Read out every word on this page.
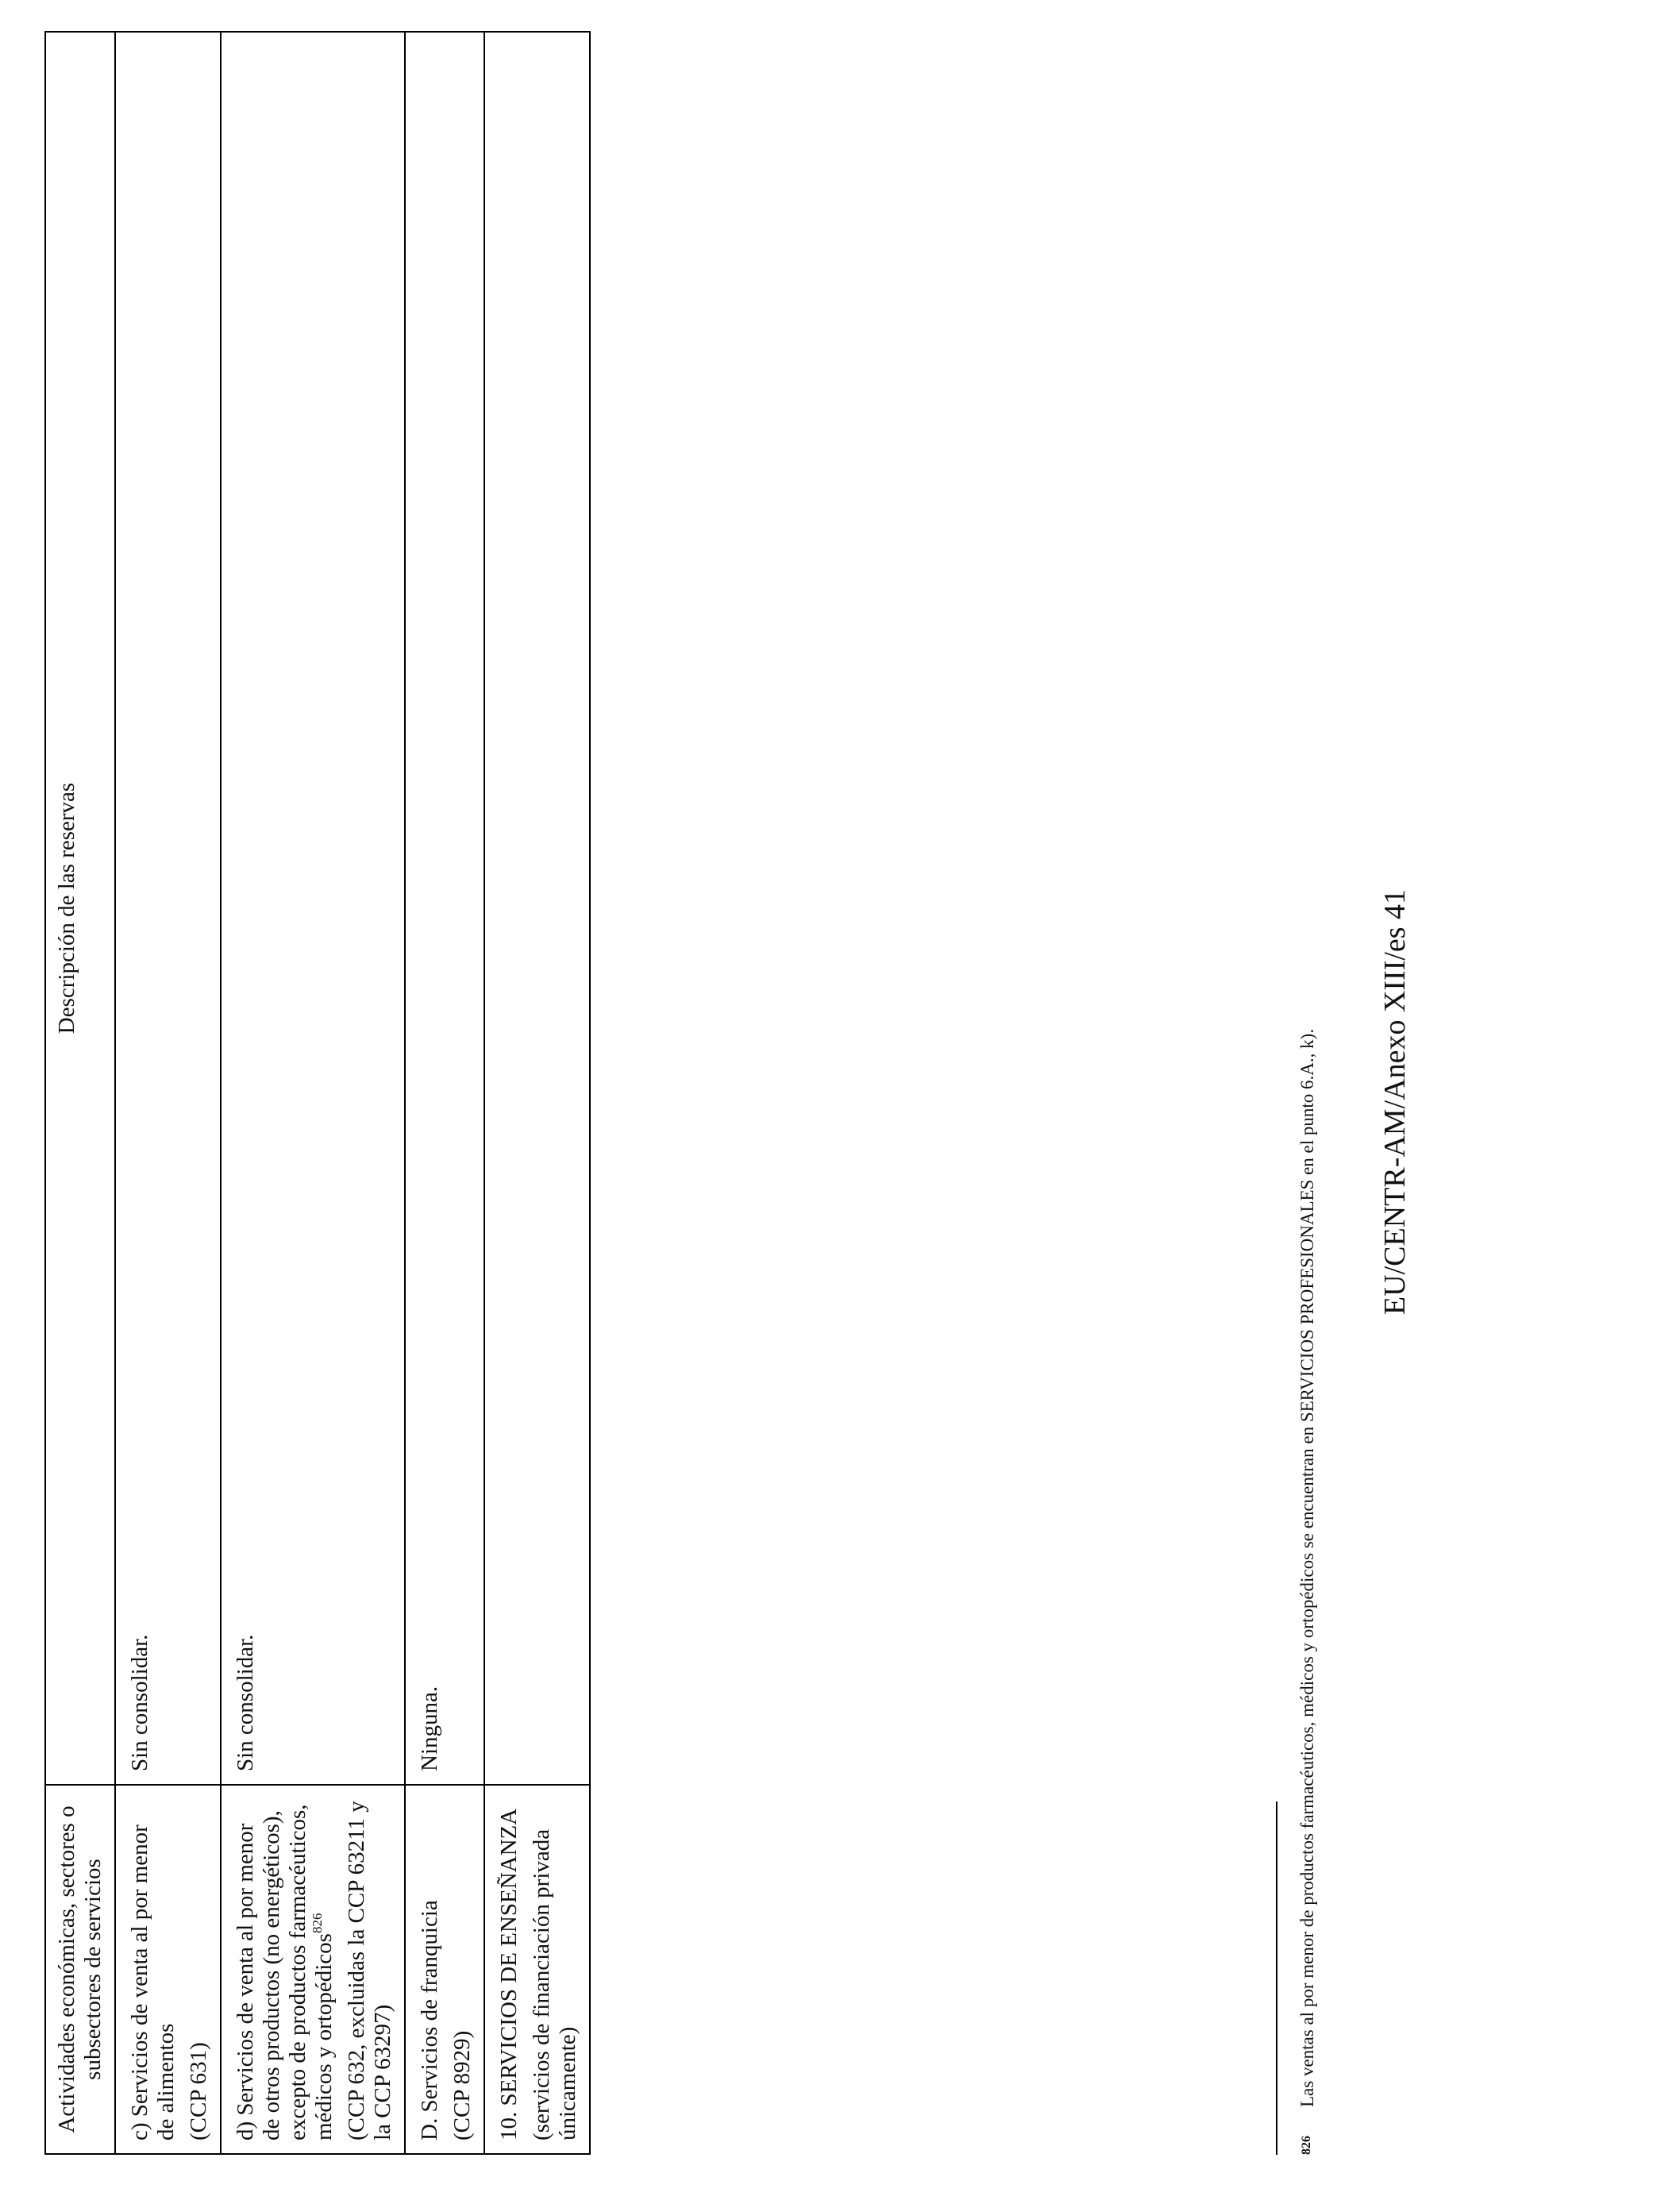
Actividades económicas, sectores o subsectores de servicios	Descripción de las reservas

c) Servicios de venta al por menor de alimentos (CCP 631)	Sin consolidar.

d) Servicios de venta al por menor de otros productos (no energéticos), excepto de productos farmacéuticos, médicos y ortopédicos$^{826}$ (CCP 632, excluidas la CCP 63211 y la CCP 63297)	Sin consolidar.

D. Servicios de franquicia (CCP 8929)	Ninguna.

10. SERVICIOS DE ENSEÑANZA (servicios de financiación privada únicamente)	

826Las ventas al por menor de productos farmacéuticos, médicos y ortopédicos se encuentran en SERVICIOS PROFESIONALES en el punto 6.A., k). EU/CENTR-AM/Anexo XIII/es 41
